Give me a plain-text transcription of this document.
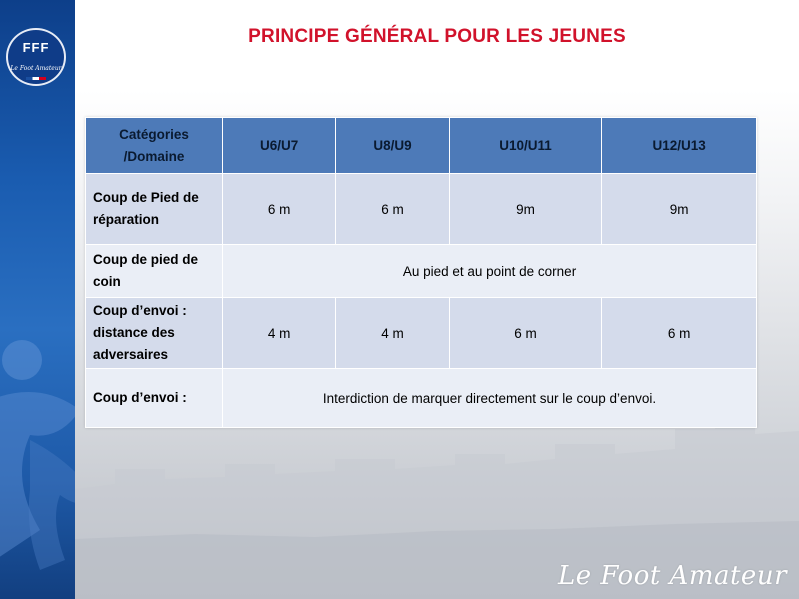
FFF
Le Foot Amateur
PRINCIPE GÉNÉRAL POUR LES JEUNES
Catégories
/Domaine	U6/U7	U8/U9	U10/U11	U12/U13
Coup de Pied de
réparation	6 m	6 m	9m	9m
Coup de pied de
coin	Au pied et au point de corner			
Coup d’envoi :
distance des
adversaires	4 m	4 m	6 m	6 m
Coup d’envoi :	Interdiction de marquer directement sur le coup d’envoi.			
Le Foot Amateur
